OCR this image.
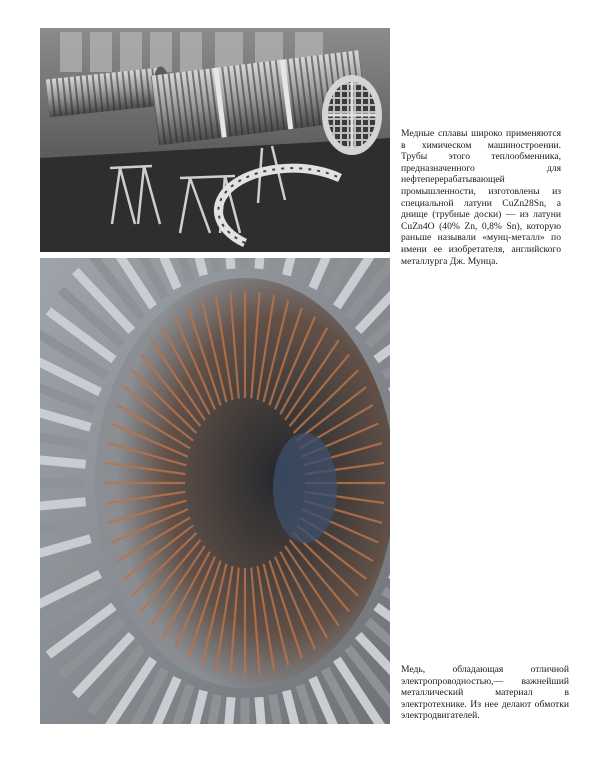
Медные сплавы широко применяются в химическом машиностроении. Трубы этого теплообменника, предназначенного для нефтеперерабатывающей промышленности, изготовлены из специальной латуни CuZn28Sn, а днище (трубные доски) — из латуни CuZn4O (40% Zn, 0,8% Sn), которую раньше называли «мунц-металл» по имени ее изобретателя, английского металлурга Дж. Мунца.
Медь, обладающая отличной электропроводностью,— важнейший металлический материал в электротехнике. Из нее делают обмотки электродвигателей.
